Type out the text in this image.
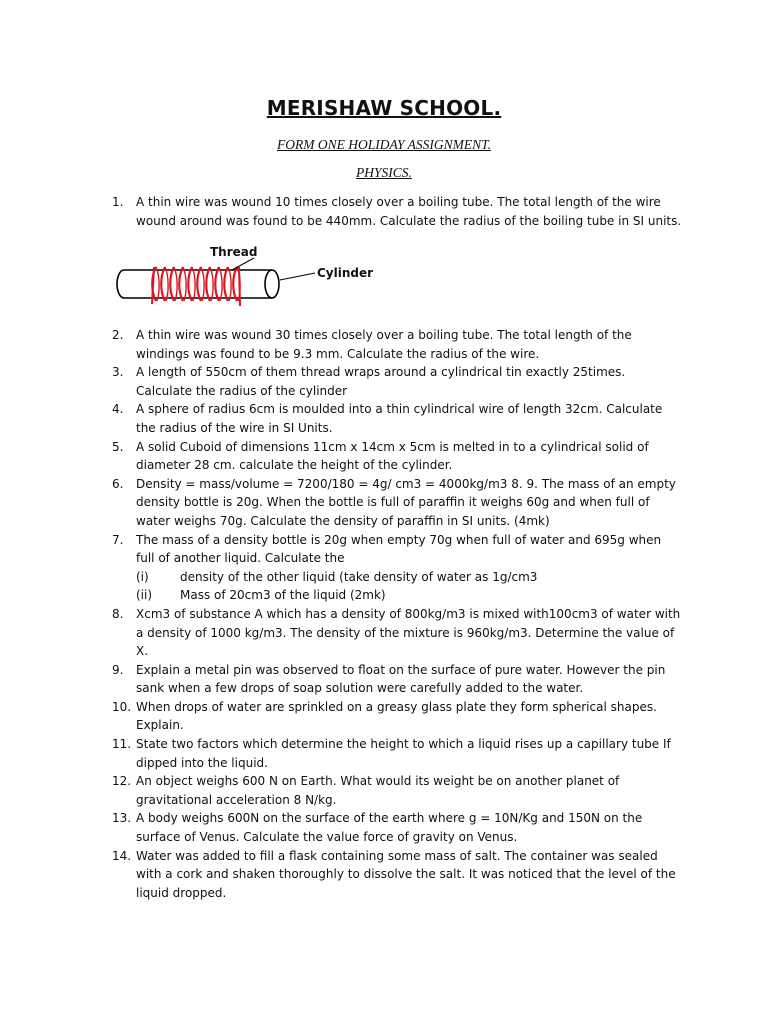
MERISHAW SCHOOL.
FORM ONE HOLIDAY ASSIGNMENT.
PHYSICS.
1. A thin wire was wound 10 times closely over a boiling tube. The total length of the wire wound around was found to be 440mm. Calculate the radius of the boiling tube in SI units.
Thread
Cylinder
2. A thin wire was wound 30 times closely over a boiling tube. The total length of the windings was found to be 9.3 mm. Calculate the radius of the wire.
3. A length of 550cm of them thread wraps around a cylindrical tin exactly 25times. Calculate the radius of the cylinder
4. A sphere of radius 6cm is moulded into a thin cylindrical wire of length 32cm. Calculate the radius of the wire in SI Units.
5. A solid Cuboid of dimensions 11cm x 14cm x 5cm is melted in to a cylindrical solid of diameter 28 cm. calculate the height of the cylinder.
6. Density = mass/volume = 7200/180 = 4g/ cm3 = 4000kg/m3 8. 9. The mass of an empty density bottle is 20g. When the bottle is full of paraffin it weighs 60g and when full of water weighs 70g. Calculate the density of paraffin in SI units. (4mk)
7. The mass of a density bottle is 20g when empty 70g when full of water and 695g when full of another liquid. Calculate the
(i)	density of the other liquid (take density of water as 1g/cm3
(ii) Mass of 20cm3 of the liquid (2mk)
8. Xcm3 of substance A which has a density of 800kg/m3 is mixed with100cm3 of water with a density of 1000 kg/m3. The density of the mixture is 960kg/m3. Determine the value of X.
9. Explain a metal pin was observed to float on the surface of pure water. However the pin sank when a few drops of soap solution were carefully added to the water.
10. When drops of water are sprinkled on a greasy glass plate they form spherical shapes. Explain.
11. State two factors which determine the height to which a liquid rises up a capillary tube If dipped into the liquid.
12. An object weighs 600 N on Earth. What would its weight be on another planet of gravitational acceleration 8 N/kg.
13. A body weighs 600N on the surface of the earth where g = 10N/Kg and 150N on the surface of Venus. Calculate the value force of gravity on Venus.
14. Water was added to fill a flask containing some mass of salt. The container was sealed with a cork and shaken thoroughly to dissolve the salt. It was noticed that the level of the liquid dropped.
